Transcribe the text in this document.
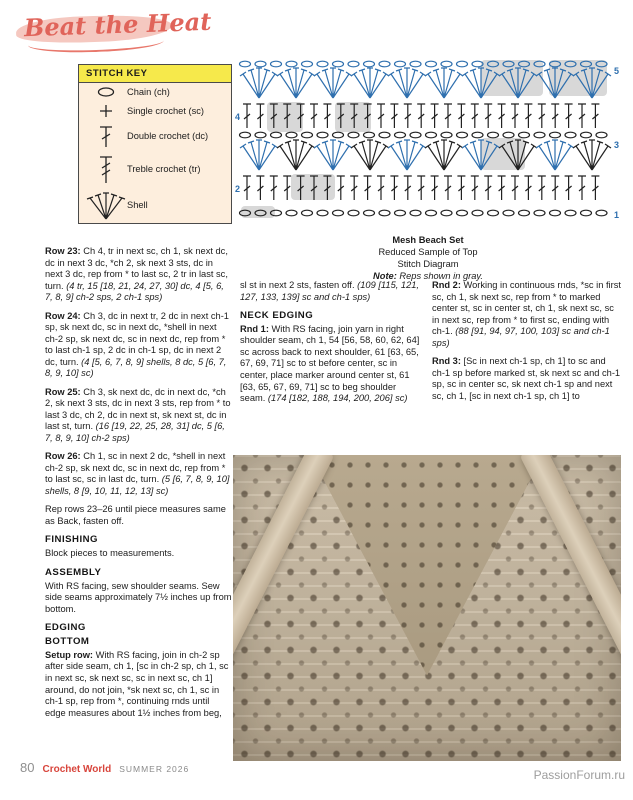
Beat the Heat
STITCH KEY
Chain (ch)
Single crochet (sc)
Double crochet (dc)
Treble crochet (tr)
Shell
5
3
1
4
2
Mesh Beach Set
Reduced Sample of Top
Stitch Diagram
Note: Reps shown in gray.

Row 23: Ch 4, tr in next sc, ch 1, sk next dc, dc in next 3 dc, *ch 2, sk next 3 sts, dc in next 3 dc, rep from * to last sc, 2 tr in last sc, turn. (4 tr, 15 [18, 21, 24, 27, 30] dc, 4 [5, 6, 7, 8, 9] ch-2 sps, 2 ch-1 sps)

Row 24: Ch 3, dc in next tr, 2 dc in next ch-1 sp, sk next dc, sc in next dc, *shell in next ch-2 sp, sk next dc, sc in next dc, rep from * to last ch-1 sp, 2 dc in ch-1 sp, dc in next 2 dc, turn. (4 [5, 6, 7, 8, 9] shells, 8 dc, 5 [6, 7, 8, 9, 10] sc)

Row 25: Ch 3, sk next dc, dc in next dc, *ch 2, sk next 3 sts, dc in next 3 sts, rep from * to last 3 dc, ch 2, dc in next st, sk next st, dc in last st, turn. (16 [19, 22, 25, 28, 31] dc, 5 [6, 7, 8, 9, 10] ch-2 sps)

Row 26: Ch 1, sc in next 2 dc, *shell in next ch-2 sp, sk next dc, sc in next dc, rep from * to last sc, sc in last dc, turn. (5 [6, 7, 8, 9, 10] shells, 8 [9, 10, 11, 12, 13] sc)

Rep rows 23–26 until piece measures same as Back, fasten off.

FINISHING

Block pieces to measurements.

ASSEMBLY

With RS facing, sew shoulder seams. Sew side seams approximately 7½ inches up from bottom.

EDGING
BOTTOM

Setup row: With RS facing, join in ch-2 sp after side seam, ch 1, [sc in ch-2 sp, ch 1, sc in next sc, sk next sc, sc in next sc, ch 1] around, do not join, *sk next sc, ch 1, sc in ch-1 sp, rep from *, continuing rnds until edge measures about 1½ inches from beg,

sl st in next 2 sts, fasten off. (109 [115, 121, 127, 133, 139] sc and ch-1 sps)

NECK EDGING

Rnd 1: With RS facing, join yarn in right shoulder seam, ch 1, 54 [56, 58, 60, 62, 64] sc across back to next shoulder, 61 [63, 65, 67, 69, 71] sc to st before center, sc in center, place marker around center st, 61 [63, 65, 67, 69, 71] sc to beg shoulder seam. (174 [182, 188, 194, 200, 206] sc)

Rnd 2: Working in continuous rnds, *sc in first sc, ch 1, sk next sc, rep from * to marked center st, sc in center st, ch 1, sk next sc, sc in next sc, rep from * to first sc, ending with ch-1. (88 [91, 94, 97, 100, 103] sc and ch-1 sps)

Rnd 3: [Sc in next ch-1 sp, ch 1] to sc and ch-1 sp before marked st, sk next sc and ch-1 sp, sc in center sc, sk next ch-1 sp and next sc, ch 1, [sc in next ch-1 sp, ch 1] to

80 Crochet World SUMMER 2026	PassionForum.ru
